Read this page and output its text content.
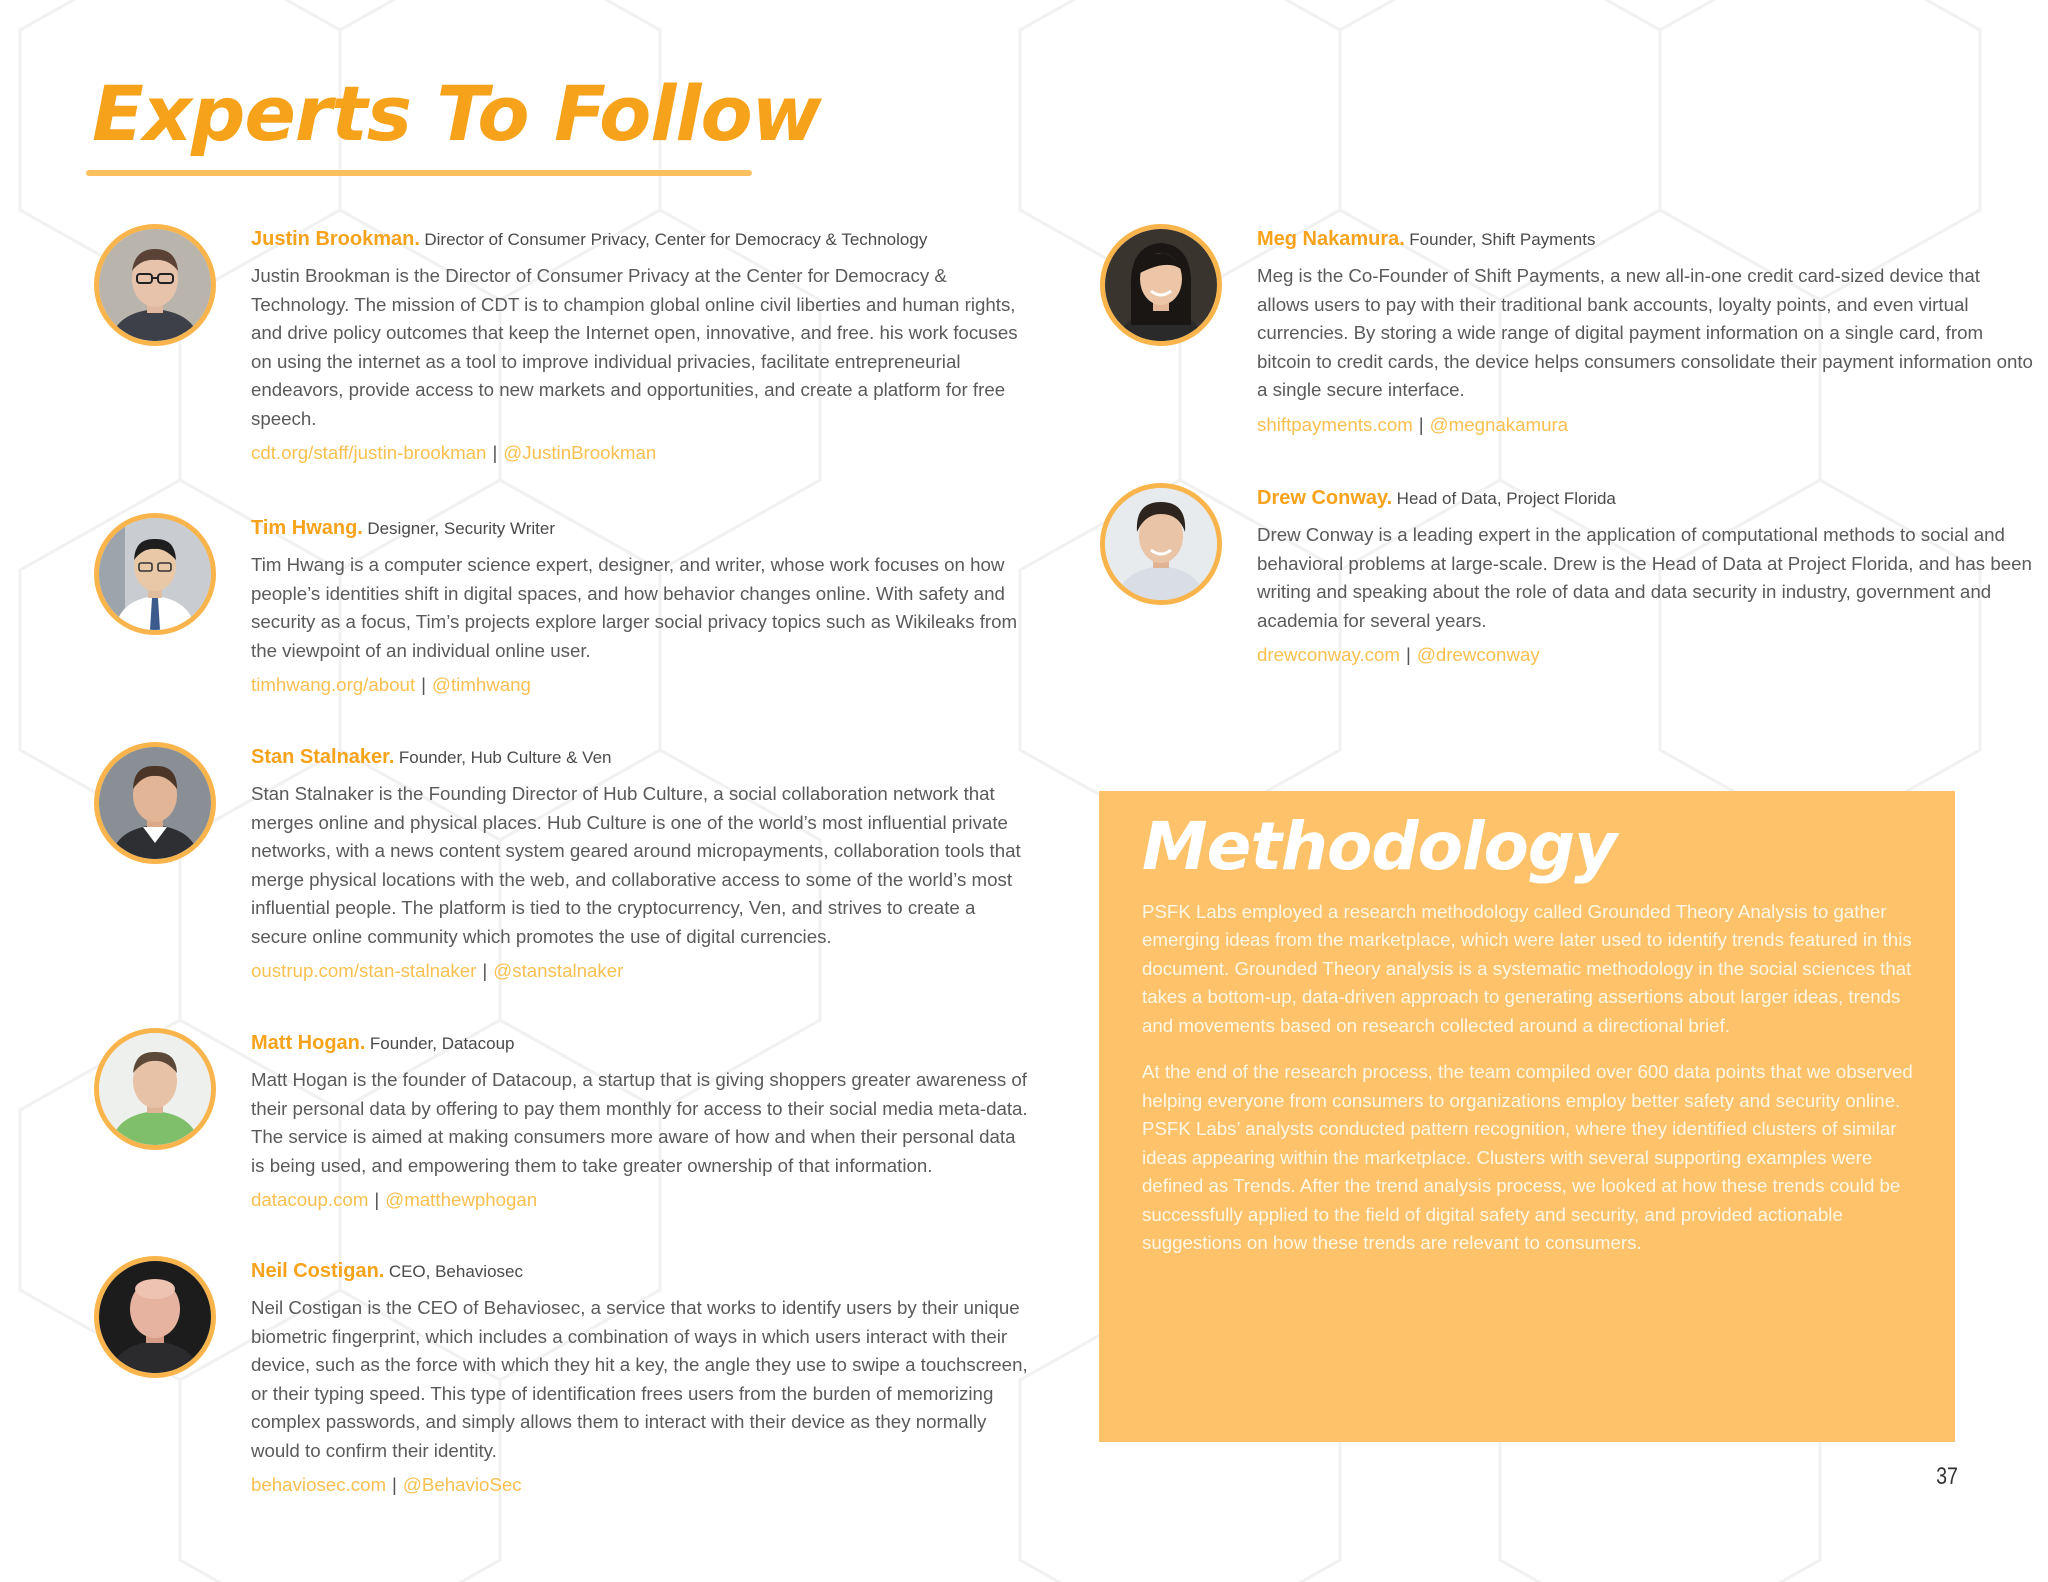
Experts To Follow

Justin Brookman. Director of Consumer Privacy, Center for Democracy & Technology

Justin Brookman is the Director of Consumer Privacy at the Center for Democracy & Technology. The mission of CDT is to champion global online civil liberties and human rights, and drive policy outcomes that keep the Internet open, innovative, and free. his work focuses on using the internet as a tool to improve individual privacies, facilitate entrepreneurial endeavors, provide access to new markets and opportunities, and create a platform for free speech.

cdt.org/staff/justin-brookman | @JustinBrookman

Tim Hwang. Designer, Security Writer

Tim Hwang is a computer science expert, designer, and writer, whose work focuses on how people’s identities shift in digital spaces, and how behavior changes online. With safety and security as a focus, Tim’s projects explore larger social privacy topics such as Wikileaks from the viewpoint of an individual online user.

timhwang.org/about | @timhwang

Stan Stalnaker. Founder, Hub Culture & Ven

Stan Stalnaker is the Founding Director of Hub Culture, a social collaboration network that merges online and physical places. Hub Culture is one of the world’s most influential private networks, with a news content system geared around micropayments, collaboration tools that merge physical locations with the web, and collaborative access to some of the world’s most influential people. The platform is tied to the cryptocurrency, Ven, and strives to create a secure online community which promotes the use of digital currencies.

oustrup.com/stan-stalnaker | @stanstalnaker

Matt Hogan. Founder, Datacoup

Matt Hogan is the founder of Datacoup, a startup that is giving shoppers greater awareness of their personal data by offering to pay them monthly for access to their social media meta-data. The service is aimed at making consumers more aware of how and when their personal data is being used, and empowering them to take greater ownership of that information.

datacoup.com | @matthewphogan

Neil Costigan. CEO, Behaviosec

Neil Costigan is the CEO of Behaviosec, a service that works to identify users by their unique biometric fingerprint, which includes a combination of ways in which users interact with their device, such as the force with which they hit a key, the angle they use to swipe a touchscreen, or their typing speed. This type of identification frees users from the burden of memorizing complex passwords, and simply allows them to interact with their device as they normally would to confirm their identity.

behaviosec.com | @BehavioSec

Meg Nakamura. Founder, Shift Payments

Meg is the Co-Founder of Shift Payments, a new all-in-one credit card-sized device that allows users to pay with their traditional bank accounts, loyalty points, and even virtual currencies. By storing a wide range of digital payment information on a single card, from bitcoin to credit cards, the device helps consumers consolidate their payment information onto a single secure interface.

shiftpayments.com | @megnakamura

Drew Conway. Head of Data, Project Florida

Drew Conway is a leading expert in the application of computational methods to social and behavioral problems at large-scale. Drew is the Head of Data at Project Florida, and has been writing and speaking about the role of data and data security in industry, government and academia for several years.

drewconway.com | @drewconway

Methodology

PSFK Labs employed a research methodology called Grounded Theory Analysis to gather emerging ideas from the marketplace, which were later used to identify trends featured in this document. Grounded Theory analysis is a systematic methodology in the social sciences that takes a bottom-up, data-driven approach to generating assertions about larger ideas, trends and movements based on research collected around a directional brief.

At the end of the research process, the team compiled over 600 data points that we observed helping everyone from consumers to organizations employ better safety and security online. PSFK Labs’ analysts conducted pattern recognition, where they identified clusters of similar ideas appearing within the marketplace. Clusters with several supporting examples were defined as Trends. After the trend analysis process, we looked at how these trends could be successfully applied to the field of digital safety and security, and provided actionable suggestions on how these trends are relevant to consumers.

37
